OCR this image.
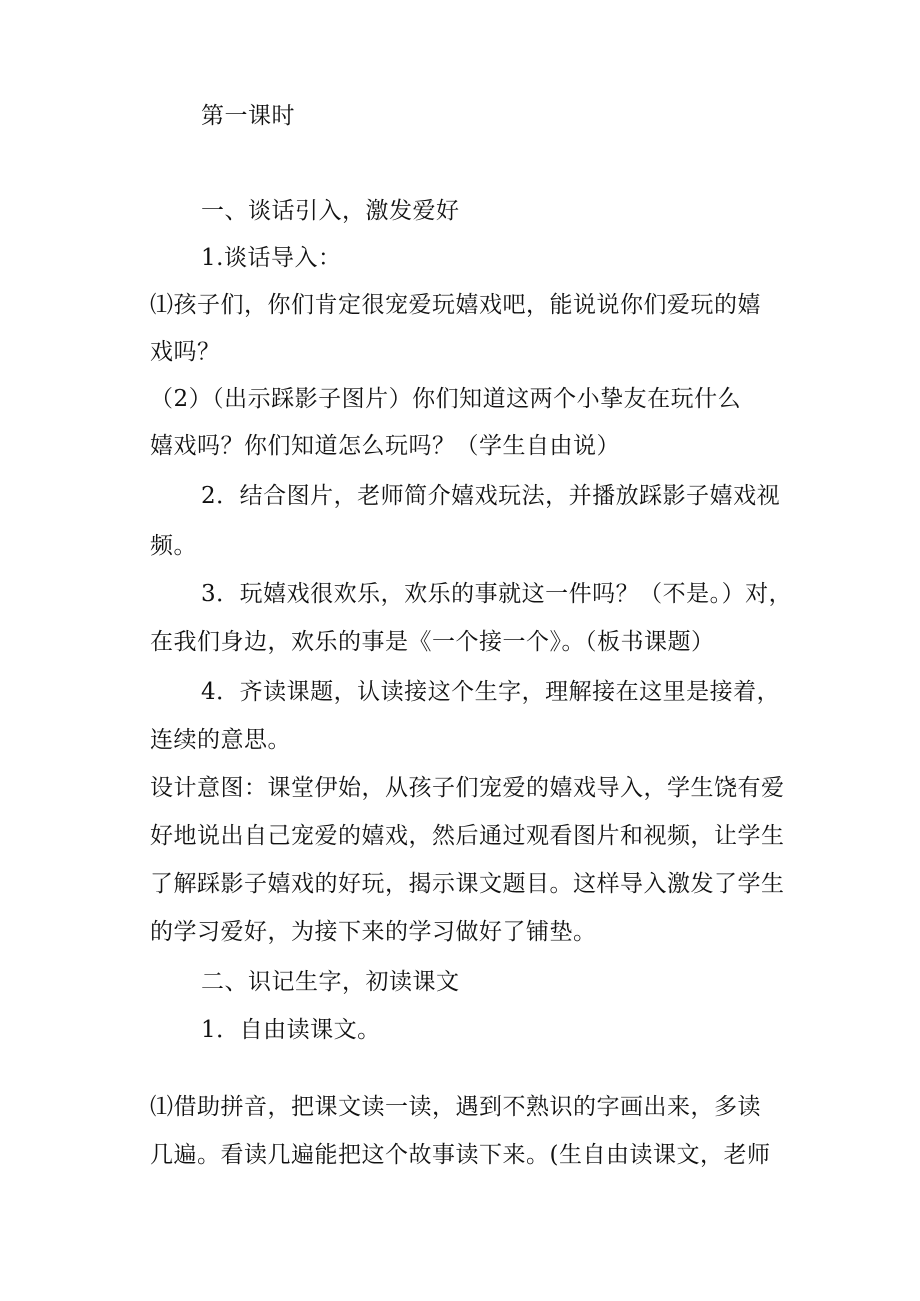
第一课时
一、谈话引入，激发爱好
1.谈话导入：
⑴孩子们，你们肯定很宠爱玩嬉戏吧，能说说你们爱玩的嬉
戏吗？
（2）（出示踩影子图片）你们知道这两个小挚友在玩什么
嬉戏吗？你们知道怎么玩吗？（学生自由说）
2．结合图片，老师简介嬉戏玩法，并播放踩影子嬉戏视
频。
3．玩嬉戏很欢乐，欢乐的事就这一件吗？（不是。）对，
在我们身边，欢乐的事是《一个接一个》。（板书课题）
4．齐读课题，认读接这个生字，理解接在这里是接着，
连续的意思。
设计意图：课堂伊始，从孩子们宠爱的嬉戏导入，学生饶有爱
好地说出自己宠爱的嬉戏，然后通过观看图片和视频，让学生
了解踩影子嬉戏的好玩，揭示课文题目。这样导入激发了学生
的学习爱好，为接下来的学习做好了铺垫。
二、识记生字，初读课文
1．自由读课文。
⑴借助拼音，把课文读一读，遇到不熟识的字画出来，多读
几遍。看读几遍能把这个故事读下来。(生自由读课文，老师
